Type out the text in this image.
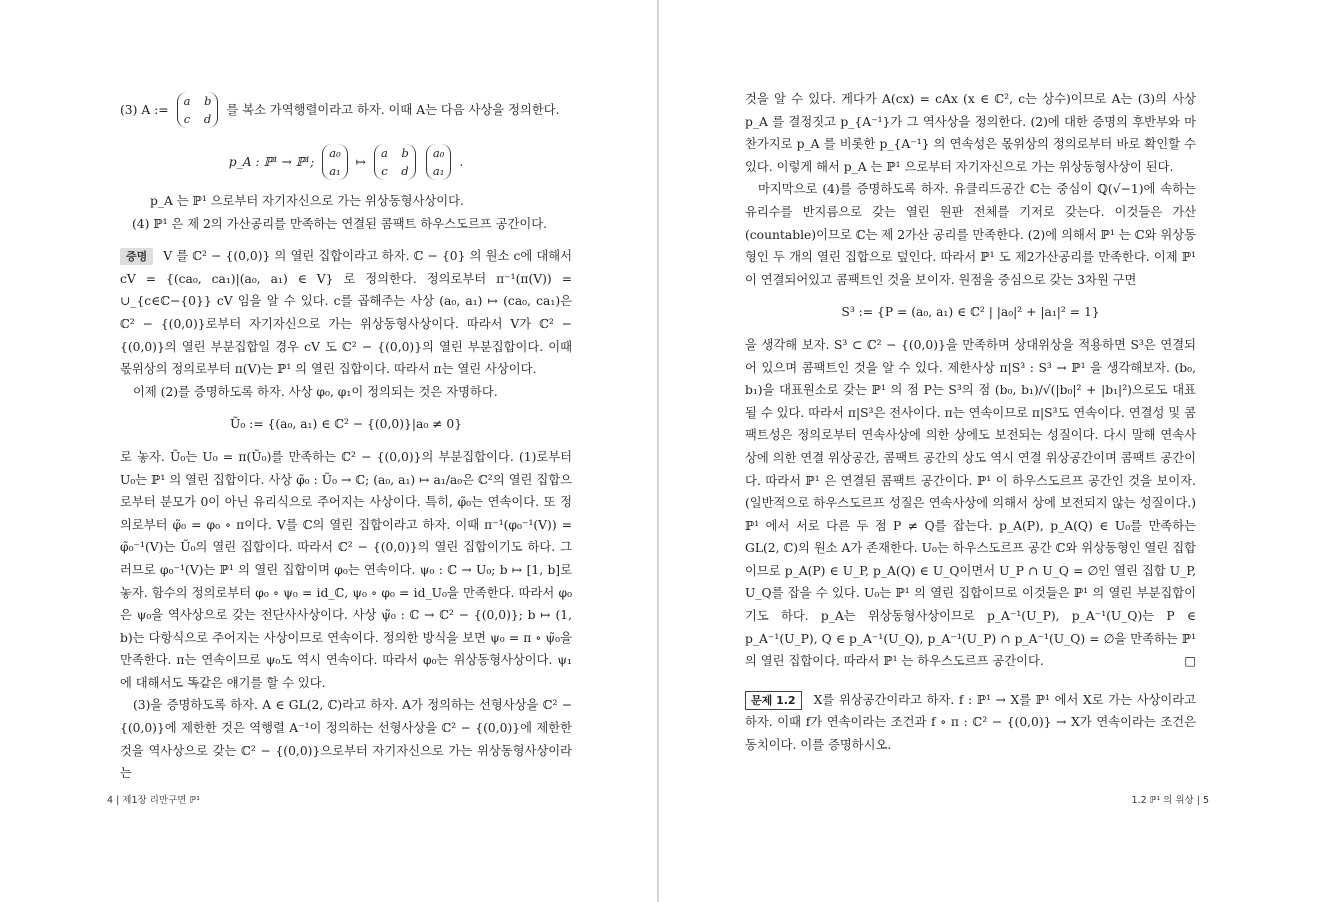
(3) A :=
a b
c d
를 복소 가역행렬이라고 하자. 이때 A는 다음 사상을 정의한다.
p_A : ℙ¹ → ℙ¹;
a₀
a₁
↦
a b
c d
a₀
a₁
.

p_A 는 ℙ¹ 으로부터 자기자신으로 가는 위상동형사상이다.

(4) ℙ¹ 은 제 2의 가산공리를 만족하는 연결된 콤팩트 하우스도르프 공간이다.

증명 V 를 ℂ² − {(0,0)} 의 열린 집합이라고 하자. ℂ − {0} 의 원소 c에 대해서 cV = {(ca₀, ca₁)|(a₀, a₁) ∈ V} 로 정의한다. 정의로부터 π⁻¹(π(V)) = ∪_{c∈ℂ−{0}} cV 임을 알 수 있다. c를 곱해주는 사상 (a₀, a₁) ↦ (ca₀, ca₁)은 ℂ² − {(0,0)}로부터 자기자신으로 가는 위상동형사상이다. 따라서 V가 ℂ² − {(0,0)}의 열린 부분집합일 경우 cV 도 ℂ² − {(0,0)}의 열린 부분집합이다. 이때 몫위상의 정의로부터 π(V)는 ℙ¹ 의 열린 집합이다. 따라서 π는 열린 사상이다.

이제 (2)를 증명하도록 하자. 사상 φ₀, φ₁이 정의되는 것은 자명하다.

Ũ₀ := {(a₀, a₁) ∈ ℂ² − {(0,0)}|a₀ ≠ 0}

로 놓자. Ũ₀는 U₀ = π(Ũ₀)를 만족하는 ℂ² − {(0,0)}의 부분집합이다. (1)로부터 U₀는 ℙ¹ 의 열린 집합이다. 사상 φ̃₀ : Ũ₀ → ℂ; (a₀, a₁) ↦ a₁/a₀은 ℂ²의 열린 집합으로부터 분모가 0이 아닌 유리식으로 주어지는 사상이다. 특히, φ̃₀는 연속이다. 또 정의로부터 φ̃₀ = φ₀ ∘ π이다. V를 ℂ의 열린 집합이라고 하자. 이때 π⁻¹(φ₀⁻¹(V)) = φ̃₀⁻¹(V)는 Ũ₀의 열린 집합이다. 따라서 ℂ² − {(0,0)}의 열린 집합이기도 하다. 그러므로 φ₀⁻¹(V)는 ℙ¹ 의 열린 집합이며 φ₀는 연속이다. ψ₀ : ℂ → U₀; b ↦ [1, b]로 놓자. 함수의 정의로부터 φ₀ ∘ ψ₀ = id_ℂ, ψ₀ ∘ φ₀ = id_U₀을 만족한다. 따라서 φ₀은 ψ₀을 역사상으로 갖는 전단사사상이다. 사상 ψ̃₀ : ℂ → ℂ² − {(0,0)}; b ↦ (1, b)는 다항식으로 주어지는 사상이므로 연속이다. 정의한 방식을 보면 ψ₀ = π ∘ ψ̃₀을 만족한다. π는 연속이므로 ψ₀도 역시 연속이다. 따라서 φ₀는 위상동형사상이다. ψ₁에 대해서도 똑같은 얘기를 할 수 있다.

(3)을 증명하도록 하자. A ∈ GL(2, ℂ)라고 하자. A가 정의하는 선형사상을 ℂ² − {(0,0)}에 제한한 것은 역행렬 A⁻¹이 정의하는 선형사상을 ℂ² − {(0,0)}에 제한한 것을 역사상으로 갖는 ℂ² − {(0,0)}으로부터 자기자신으로 가는 위상동형사상이라는

4 | 제1장 리만구면 ℙ¹

것을 알 수 있다. 게다가 A(cx) = cAx (x ∈ ℂ², c는 상수)이므로 A는 (3)의 사상 p_A 를 결정짓고 p_{A⁻¹}가 그 역사상을 정의한다. (2)에 대한 증명의 후반부와 마찬가지로 p_A 를 비롯한 p_{A⁻¹} 의 연속성은 몫위상의 정의로부터 바로 확인할 수 있다. 이렇게 해서 p_A 는 ℙ¹ 으로부터 자기자신으로 가는 위상동형사상이 된다.

마지막으로 (4)를 증명하도록 하자. 유클리드공간 ℂ는 중심이 ℚ(√−1)에 속하는 유리수를 반지름으로 갖는 열린 원판 전체를 기저로 갖는다. 이것들은 가산(countable)이므로 ℂ는 제 2가산 공리를 만족한다. (2)에 의해서 ℙ¹ 는 ℂ와 위상동형인 두 개의 열린 집합으로 덮인다. 따라서 ℙ¹ 도 제2가산공리를 만족한다. 이제 ℙ¹ 이 연결되어있고 콤팩트인 것을 보이자. 원점을 중심으로 갖는 3차원 구면

S³ := {P = (a₀, a₁) ∈ ℂ² | |a₀|² + |a₁|² = 1}

을 생각해 보자. S³ ⊂ ℂ² − {(0,0)}을 만족하며 상대위상을 적용하면 S³은 연결되어 있으며 콤팩트인 것을 알 수 있다. 제한사상 π|S³ : S³ → ℙ¹ 을 생각해보자. (b₀, b₁)을 대표원소로 갖는 ℙ¹ 의 점 P는 S³의 점 (b₀, b₁)/√(|b₀|² + |b₁|²)으로도 대표될 수 있다. 따라서 π|S³은 전사이다. π는 연속이므로 π|S³도 연속이다. 연결성 및 콤팩트성은 정의로부터 연속사상에 의한 상에도 보전되는 성질이다. 다시 말해 연속사상에 의한 연결 위상공간, 콤팩트 공간의 상도 역시 연결 위상공간이며 콤팩트 공간이다. 따라서 ℙ¹ 은 연결된 콤팩트 공간이다. ℙ¹ 이 하우스도르프 공간인 것을 보이자. (일반적으로 하우스도르프 성질은 연속사상에 의해서 상에 보전되지 않는 성질이다.) ℙ¹ 에서 서로 다른 두 점 P ≠ Q를 잡는다. p_A(P), p_A(Q) ∈ U₀를 만족하는 GL(2, ℂ)의 원소 A가 존재한다. U₀는 하우스도르프 공간 ℂ와 위상동형인 열린 집합이므로 p_A(P) ∈ U_P, p_A(Q) ∈ U_Q이면서 U_P ∩ U_Q = ∅인 열린 집합 U_P, U_Q를 잡을 수 있다. U₀는 ℙ¹ 의 열린 집합이므로 이것들은 ℙ¹ 의 열린 부분집합이기도 하다. p_A는 위상동형사상이므로 p_A⁻¹(U_P), p_A⁻¹(U_Q)는 P ∈ p_A⁻¹(U_P), Q ∈ p_A⁻¹(U_Q), p_A⁻¹(U_P) ∩ p_A⁻¹(U_Q) = ∅을 만족하는 ℙ¹ 의 열린 집합이다. 따라서 ℙ¹ 는 하우스도르프 공간이다.	□

문제 1.2 X를 위상공간이라고 하자. f : ℙ¹ → X를 ℙ¹ 에서 X로 가는 사상이라고 하자. 이때 f가 연속이라는 조건과 f ∘ π : ℂ² − {(0,0)} → X가 연속이라는 조건은 동치이다. 이를 증명하시오.

1.2 ℙ¹ 의 위상 | 5
